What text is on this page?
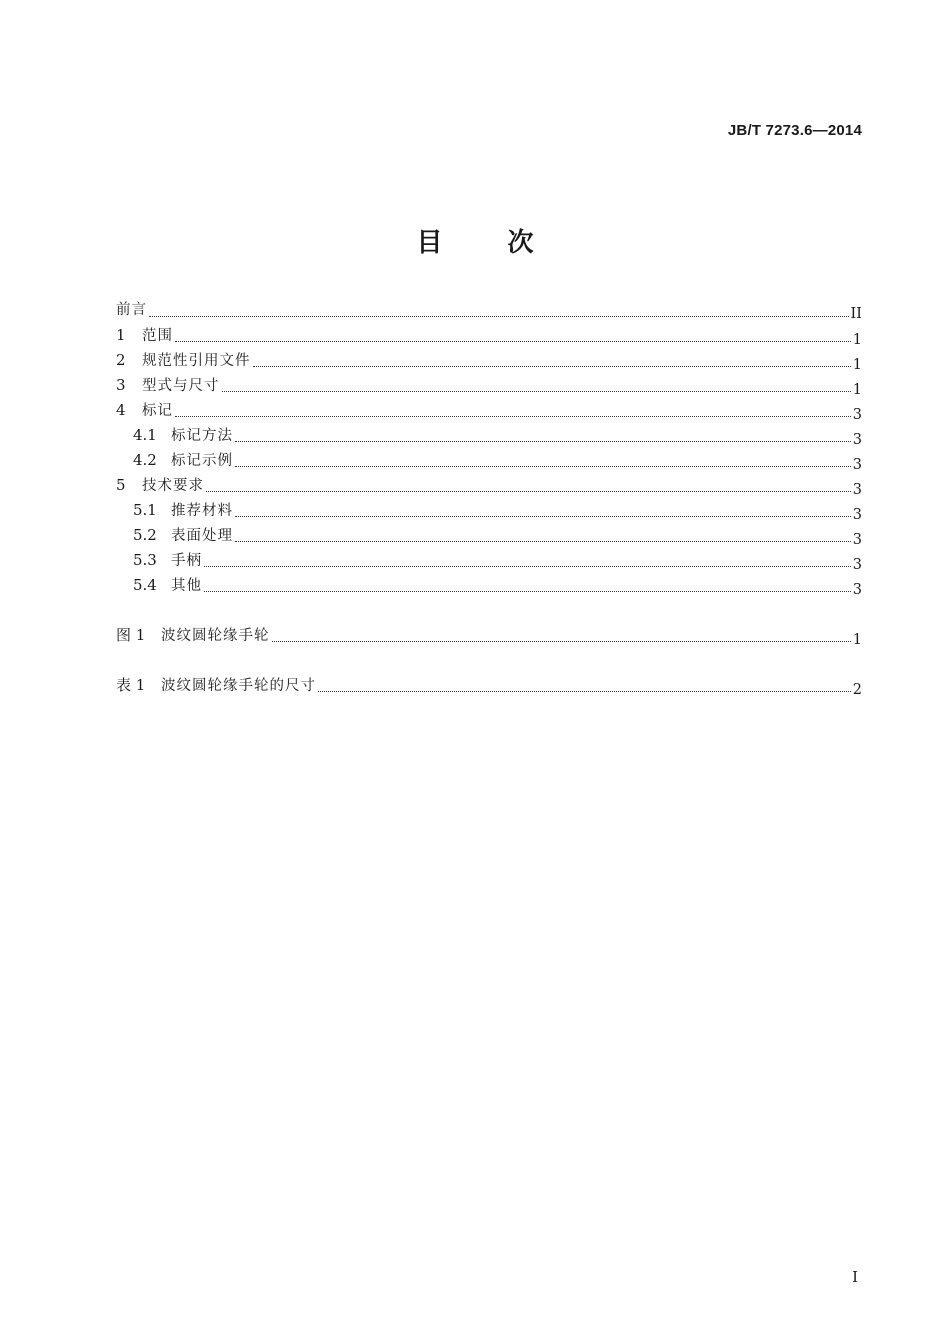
JB/T 7273.6—2014
目	次
前言	II
1	范围	1
2	规范性引用文件	1
3	型式与尺寸	1
4	标记	3
4.1 标记方法	3
4.2 标记示例	3
5	技术要求	3
5.1 推荐材料	3
5.2 表面处理	3
5.3 手柄	3
5.4 其他	3
图 1	波纹圆轮缘手轮	1
表 1	波纹圆轮缘手轮的尺寸	2
I
